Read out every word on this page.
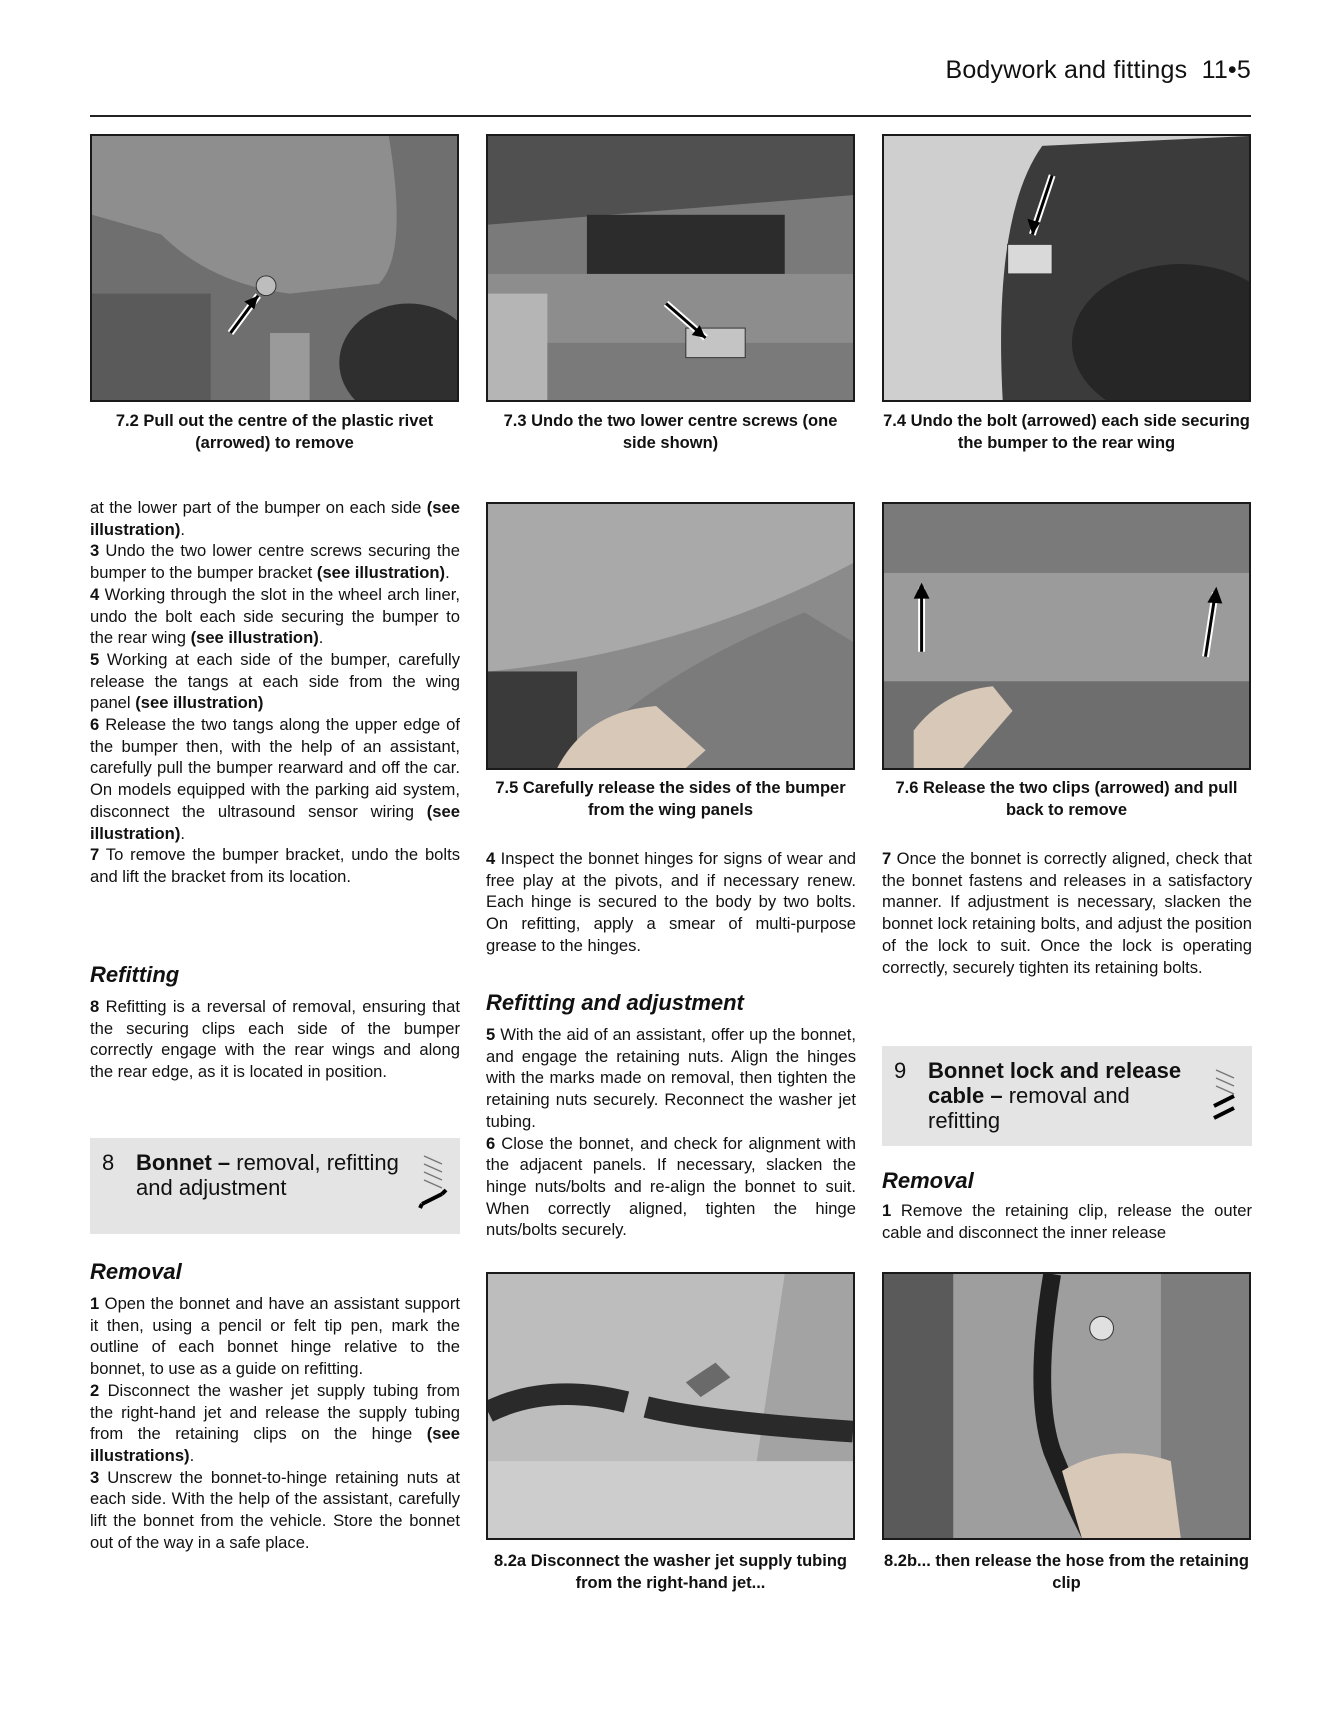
Bodywork and fittings 11•5
7.2 Pull out the centre of the plastic rivet (arrowed) to remove
7.3 Undo the two lower centre screws (one side shown)
7.4 Undo the bolt (arrowed) each side securing the bumper to the rear wing

at the lower part of the bumper on each side (see illustration).

3 Undo the two lower centre screws securing the bumper to the bumper bracket (see illustration).

4 Working through the slot in the wheel arch liner, undo the bolt each side securing the bumper to the rear wing (see illustration).

5 Working at each side of the bumper, carefully release the tangs at each side from the wing panel (see illustration)

6 Release the two tangs along the upper edge of the bumper then, with the help of an assistant, carefully pull the bumper rearward and off the car. On models equipped with the parking aid system, disconnect the ultrasound sensor wiring (see illustration).

7 To remove the bumper bracket, undo the bolts and lift the bracket from its location.

Refitting

8 Refitting is a reversal of removal, ensuring that the securing clips each side of the bumper correctly engage with the rear wings and along the rear edge, as it is located in position.

8 Bonnet – removal, refitting and adjustment
Removal

1 Open the bonnet and have an assistant support it then, using a pencil or felt tip pen, mark the outline of each bonnet hinge relative to the bonnet, to use as a guide on refitting.

2 Disconnect the washer jet supply tubing from the right-hand jet and release the supply tubing from the retaining clips on the hinge (see illustrations).

3 Unscrew the bonnet-to-hinge retaining nuts at each side. With the help of the assistant, carefully lift the bonnet from the vehicle. Store the bonnet out of the way in a safe place.

7.5 Carefully release the sides of the bumper from the wing panels
7.6 Release the two clips (arrowed) and pull back to remove

4 Inspect the bonnet hinges for signs of wear and free play at the pivots, and if necessary renew. Each hinge is secured to the body by two bolts. On refitting, apply a smear of multi-purpose grease to the hinges.

Refitting and adjustment

5 With the aid of an assistant, offer up the bonnet, and engage the retaining nuts. Align the hinges with the marks made on removal, then tighten the retaining nuts securely. Reconnect the washer jet tubing.

6 Close the bonnet, and check for alignment with the adjacent panels. If necessary, slacken the hinge nuts/bolts and re-align the bonnet to suit. When correctly aligned, tighten the hinge nuts/bolts securely.

7 Once the bonnet is correctly aligned, check that the bonnet fastens and releases in a satisfactory manner. If adjustment is necessary, slacken the bonnet lock retaining bolts, and adjust the position of the lock to suit. Once the lock is operating correctly, securely tighten its retaining bolts.

9 Bonnet lock and release cable – removal and refitting
Removal

1 Remove the retaining clip, release the outer cable and disconnect the inner release

8.2a Disconnect the washer jet supply tubing from the right-hand jet...
8.2b... then release the hose from the retaining clip
